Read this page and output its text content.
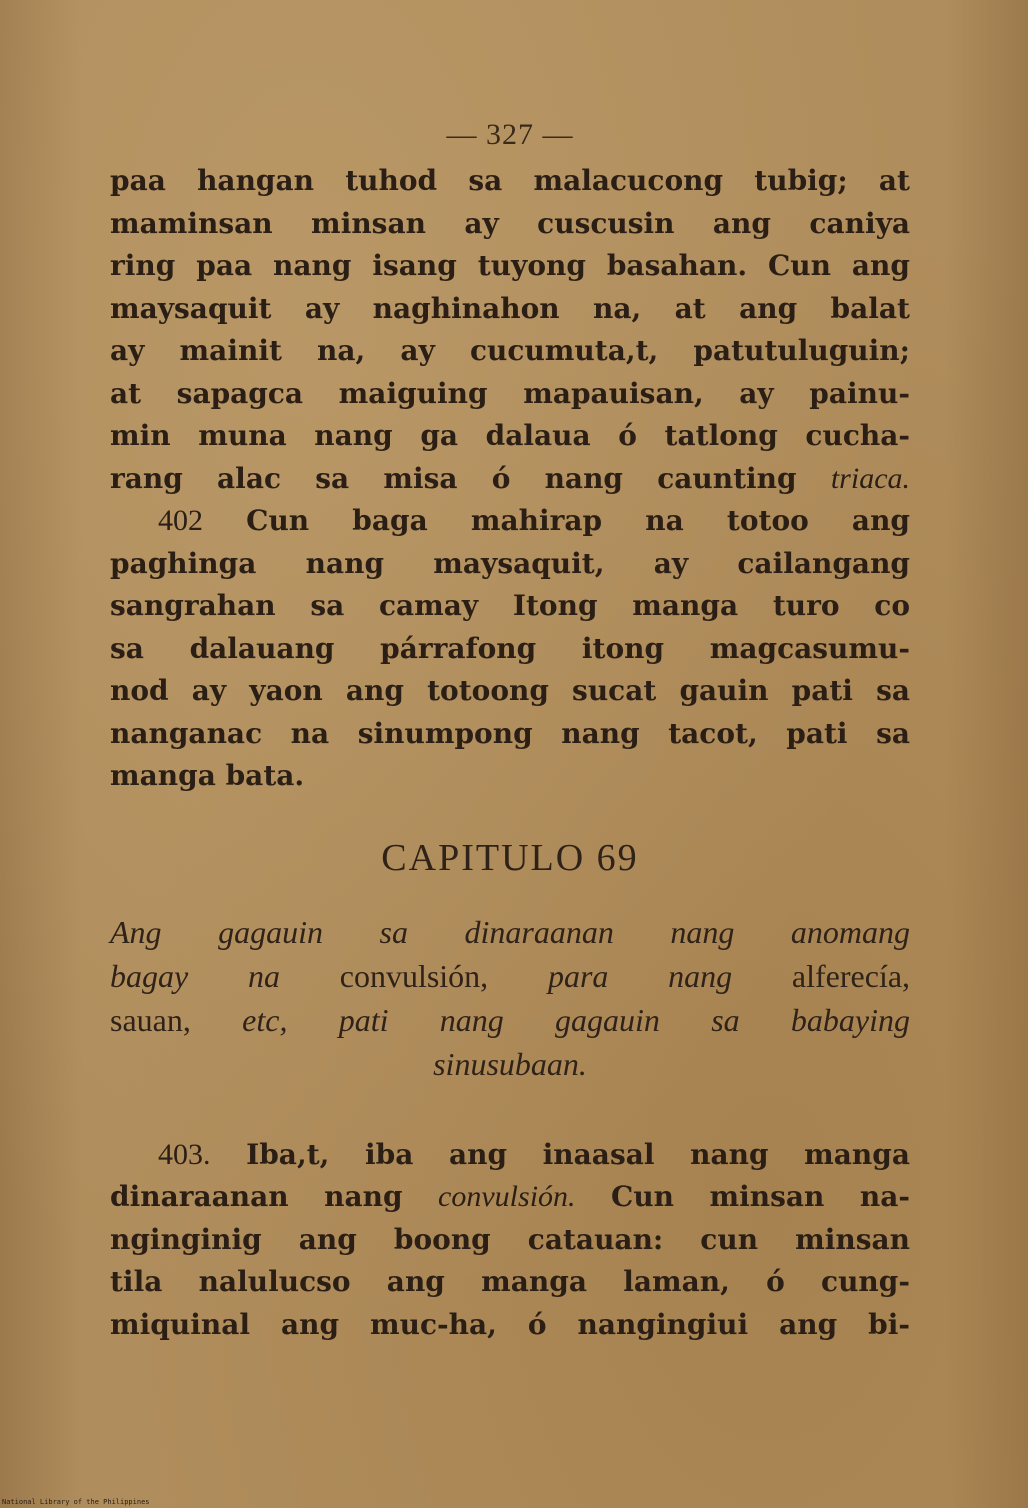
— 327 —
paa hangan tuhod sa malacucong tubig; at
maminsan minsan ay cuscusin ang caniya
ring paa nang isang tuyong basahan. Cun ang
maysaquit ay naghinahon na, at ang balat
ay mainit na, ay cucumuta,t, patutuluguin;
at sapagca maiguing mapauisan, ay painu-
min muna nang ga dalaua ó tatlong cucha-
rang alac sa misa ó nang caunting triaca.
402 Cun baga mahirap na totoo ang
paghinga nang maysaquit, ay cailangang
sangrahan sa camay Itong manga turo co
sa dalauang párrafong itong magcasumu-
nod ay yaon ang totoong sucat gauin pati sa
nanganac na sinumpong nang tacot, pati sa
manga bata.
CAPITULO 69
Ang gagauin sa dinaraanan nang anomang
bagay na convulsión, para nang alferecía,
sauan, etc, pati nang gagauin sa babaying
sinusubaan.
403. Iba,t, iba ang inaasal nang manga
dinaraanan nang convulsión. Cun minsan na-
nginginig ang boong catauan: cun minsan
tila nalulucso ang manga laman, ó cung-
miquinal ang muc-ha, ó nangingiui ang bi-
National Library of the Philippines
